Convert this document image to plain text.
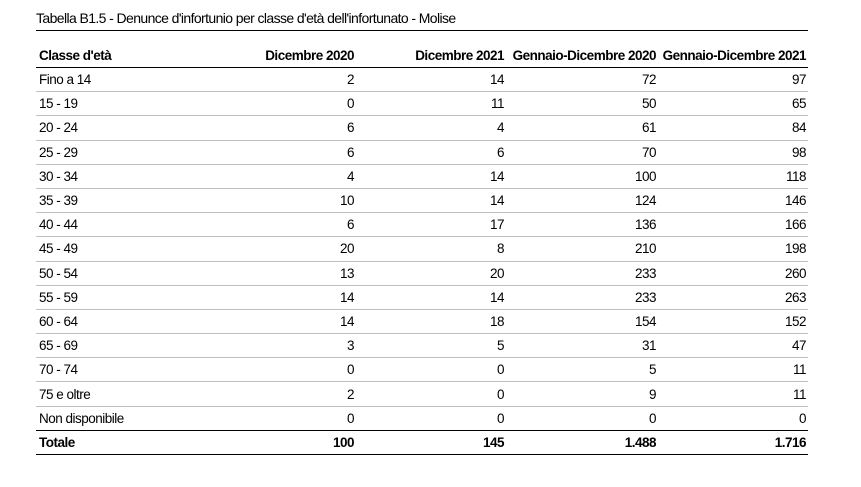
Tabella B1.5 - Denunce d'infortunio per classe d'età dell'infortunato - Molise
Classe d'età	Dicembre 2020	Dicembre 2021	Gennaio-Dicembre 2020	Gennaio-Dicembre 2021
Fino a 14	2	14	72	97
15 - 19	0	11	50	65
20 - 24	6	4	61	84
25 - 29	6	6	70	98
30 - 34	4	14	100	118
35 - 39	10	14	124	146
40 - 44	6	17	136	166
45 - 49	20	8	210	198
50 - 54	13	20	233	260
55 - 59	14	14	233	263
60 - 64	14	18	154	152
65 - 69	3	5	31	47
70 - 74	0	0	5	11
75 e oltre	2	0	9	11
Non disponibile	0	0	0	0
Totale	100	145	1.488	1.716
